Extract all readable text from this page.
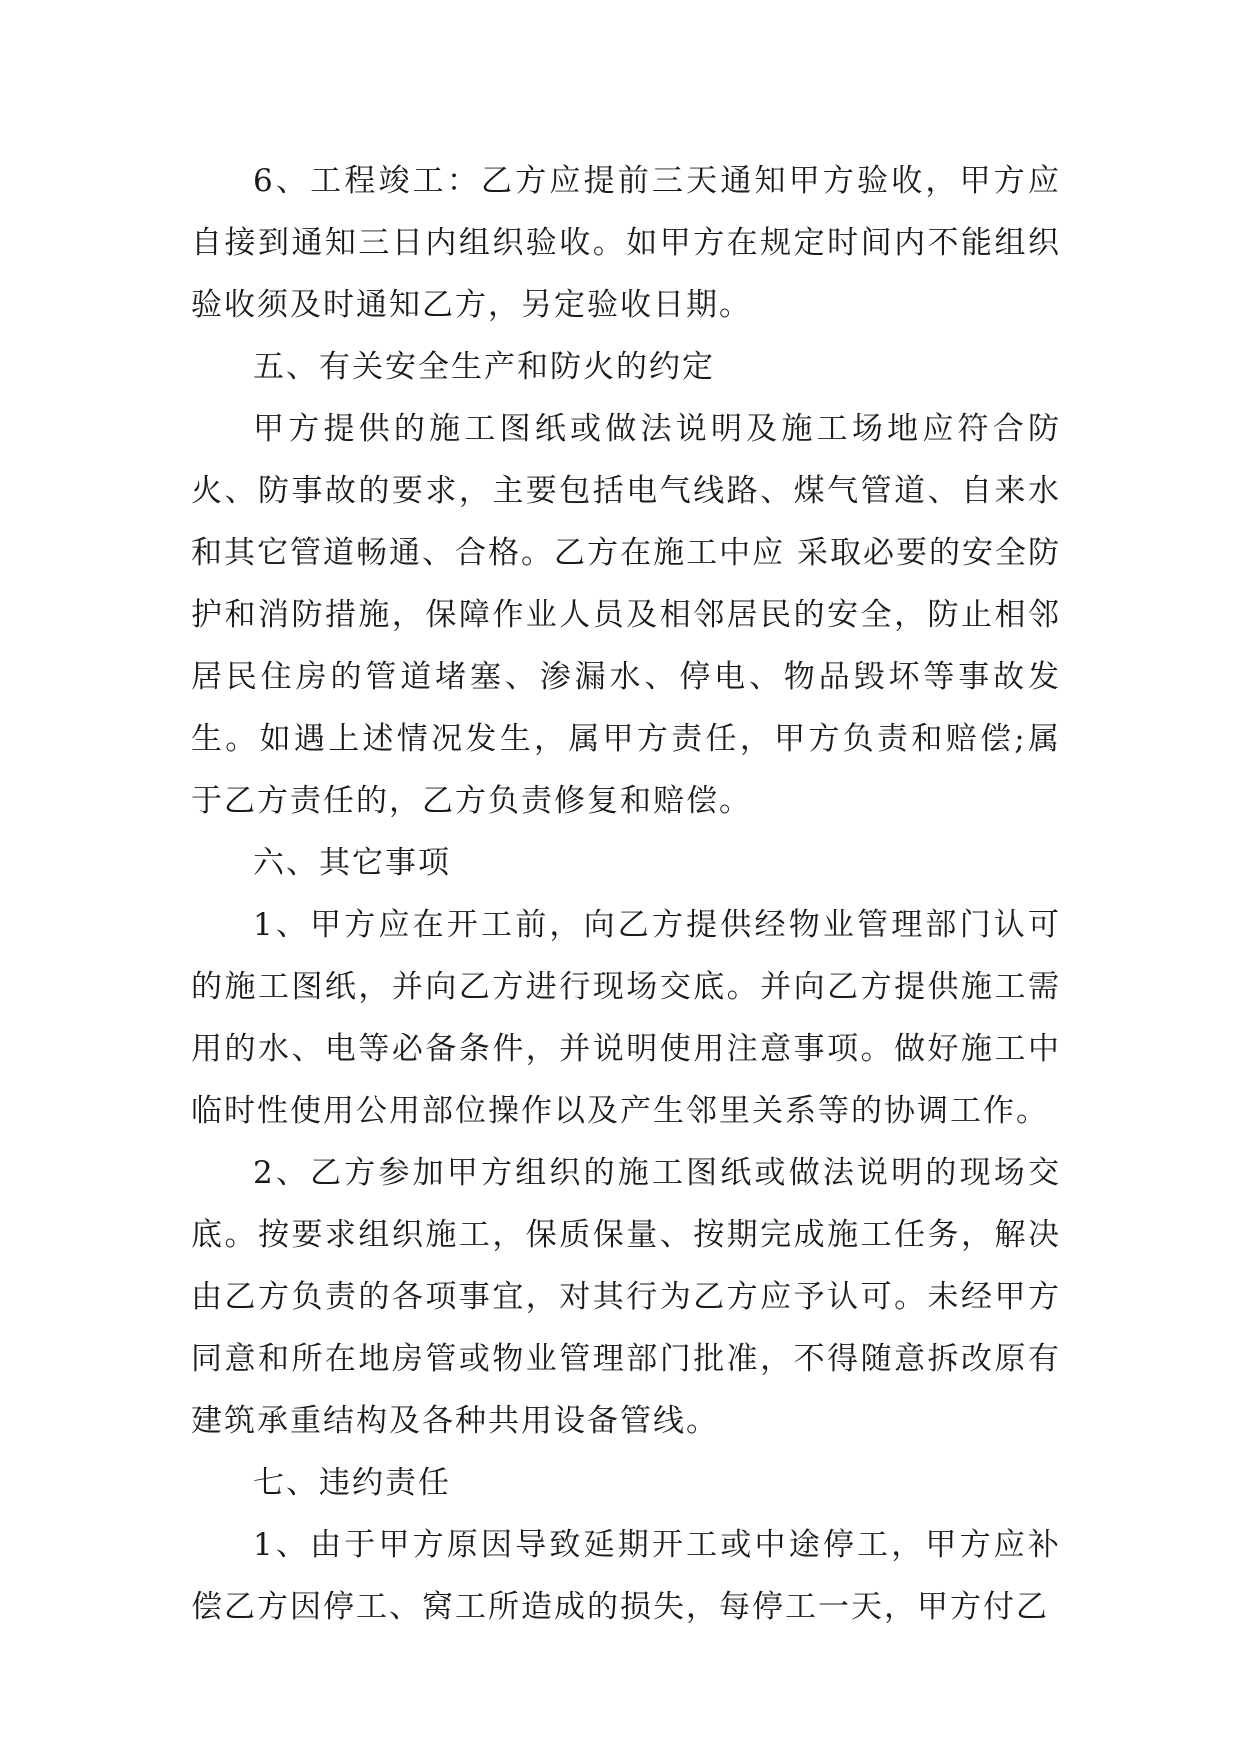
6、工程竣工：乙方应提前三天通知甲方验收，甲方应自接到通知三日内组织验收。如甲方在规定时间内不能组织验收须及时通知乙方，另定验收日期。

五、有关安全生产和防火的约定

甲方提供的施工图纸或做法说明及施工场地应符合防火、防事故的要求，主要包括电气线路、煤气管道、自来水和其它管道畅通、合格。乙方在施工中应 采取必要的安全防护和消防措施，保障作业人员及相邻居民的安全，防止相邻居民住房的管道堵塞、渗漏水、停电、物品毁坏等事故发生。如遇上述情况发生，属甲方责任，甲方负责和赔偿;属于乙方责任的，乙方负责修复和赔偿。

六、其它事项

1、甲方应在开工前，向乙方提供经物业管理部门认可的施工图纸，并向乙方进行现场交底。并向乙方提供施工需用的水、电等必备条件，并说明使用注意事项。做好施工中临时性使用公用部位操作以及产生邻里关系等的协调工作。

2、乙方参加甲方组织的施工图纸或做法说明的现场交底。按要求组织施工，保质保量、按期完成施工任务，解决由乙方负责的各项事宜，对其行为乙方应予认可。未经甲方同意和所在地房管或物业管理部门批准，不得随意拆改原有建筑承重结构及各种共用设备管线。

七、违约责任

1、由于甲方原因导致延期开工或中途停工，甲方应补偿乙方因停工、窝工所造成的损失，每停工一天，甲方付乙
